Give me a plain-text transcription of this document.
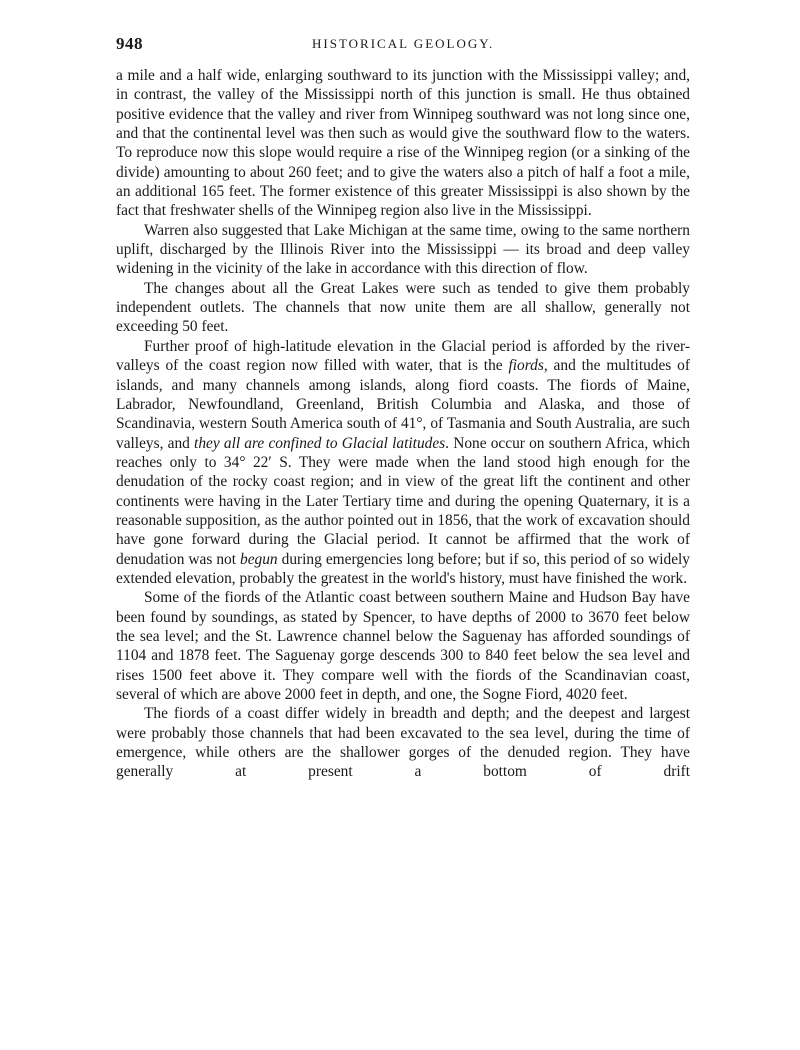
948	HISTORICAL GEOLOGY.

a mile and a half wide, enlarging southward to its junction with the Mississippi valley; and, in contrast, the valley of the Mississippi north of this junction is small. He thus obtained positive evidence that the valley and river from Winnipeg southward was not long since one, and that the continental level was then such as would give the southward flow to the waters. To reproduce now this slope would require a rise of the Winnipeg region (or a sinking of the divide) amounting to about 260 feet; and to give the waters also a pitch of half a foot a mile, an additional 165 feet. The former existence of this greater Mississippi is also shown by the fact that freshwater shells of the Winnipeg region also live in the Mississippi.

Warren also suggested that Lake Michigan at the same time, owing to the same northern uplift, discharged by the Illinois River into the Mississippi — its broad and deep valley widening in the vicinity of the lake in accordance with this direction of flow.

The changes about all the Great Lakes were such as tended to give them probably independent outlets. The channels that now unite them are all shallow, generally not exceeding 50 feet.

Further proof of high-latitude elevation in the Glacial period is afforded by the river-valleys of the coast region now filled with water, that is the fiords, and the multitudes of islands, and many channels among islands, along fiord coasts. The fiords of Maine, Labrador, Newfoundland, Greenland, British Columbia and Alaska, and those of Scandinavia, western South America south of 41°, of Tasmania and South Australia, are such valleys, and they all are confined to Glacial latitudes. None occur on southern Africa, which reaches only to 34° 22′ S. They were made when the land stood high enough for the denudation of the rocky coast region; and in view of the great lift the continent and other continents were having in the Later Tertiary time and during the opening Quaternary, it is a reasonable supposition, as the author pointed out in 1856, that the work of excavation should have gone forward during the Glacial period. It cannot be affirmed that the work of denudation was not begun during emergencies long before; but if so, this period of so widely extended elevation, probably the greatest in the world's history, must have finished the work.

Some of the fiords of the Atlantic coast between southern Maine and Hudson Bay have been found by soundings, as stated by Spencer, to have depths of 2000 to 3670 feet below the sea level; and the St. Lawrence channel below the Saguenay has afforded soundings of 1104 and 1878 feet. The Saguenay gorge descends 300 to 840 feet below the sea level and rises 1500 feet above it. They compare well with the fiords of the Scandinavian coast, several of which are above 2000 feet in depth, and one, the Sogne Fiord, 4020 feet.

The fiords of a coast differ widely in breadth and depth; and the deepest and largest were probably those channels that had been excavated to the sea level, during the time of emergence, while others are the shallower gorges of the denuded region. They have generally at present a bottom of drift
